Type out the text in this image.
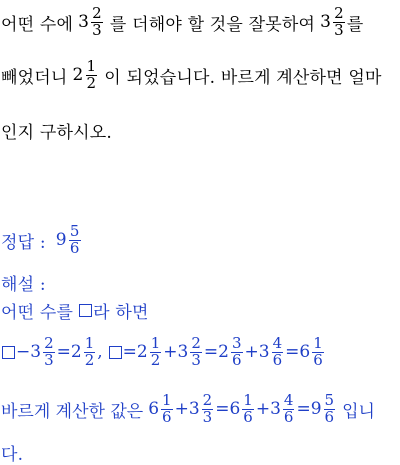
어떤 수에 $3 \frac{2}{3}$ 를 더해야 할 것을 잘못하여 $3 \frac{2}{3}$ 를
빼었더니 $2 \frac{1}{2}$ 이 되었습니다. 바르게 계산하면 얼마
인지 구하시오.
정답 : $9 \frac{5}{6}$
해설 :
어떤 수를 라 하면
− $3 \frac{2}{3} = 2 \frac{1}{2}$ , = $2 \frac{1}{2} + 3 \frac{2}{3} = 2 \frac{3}{6} + 3 \frac{4}{6} = 6 \frac{1}{6}$
바르게 계산한 값은 $6 \frac{1}{6} + 3 \frac{2}{3} = 6 \frac{1}{6} + 3 \frac{4}{6} = 9 \frac{5}{6}$ 입니
다.
